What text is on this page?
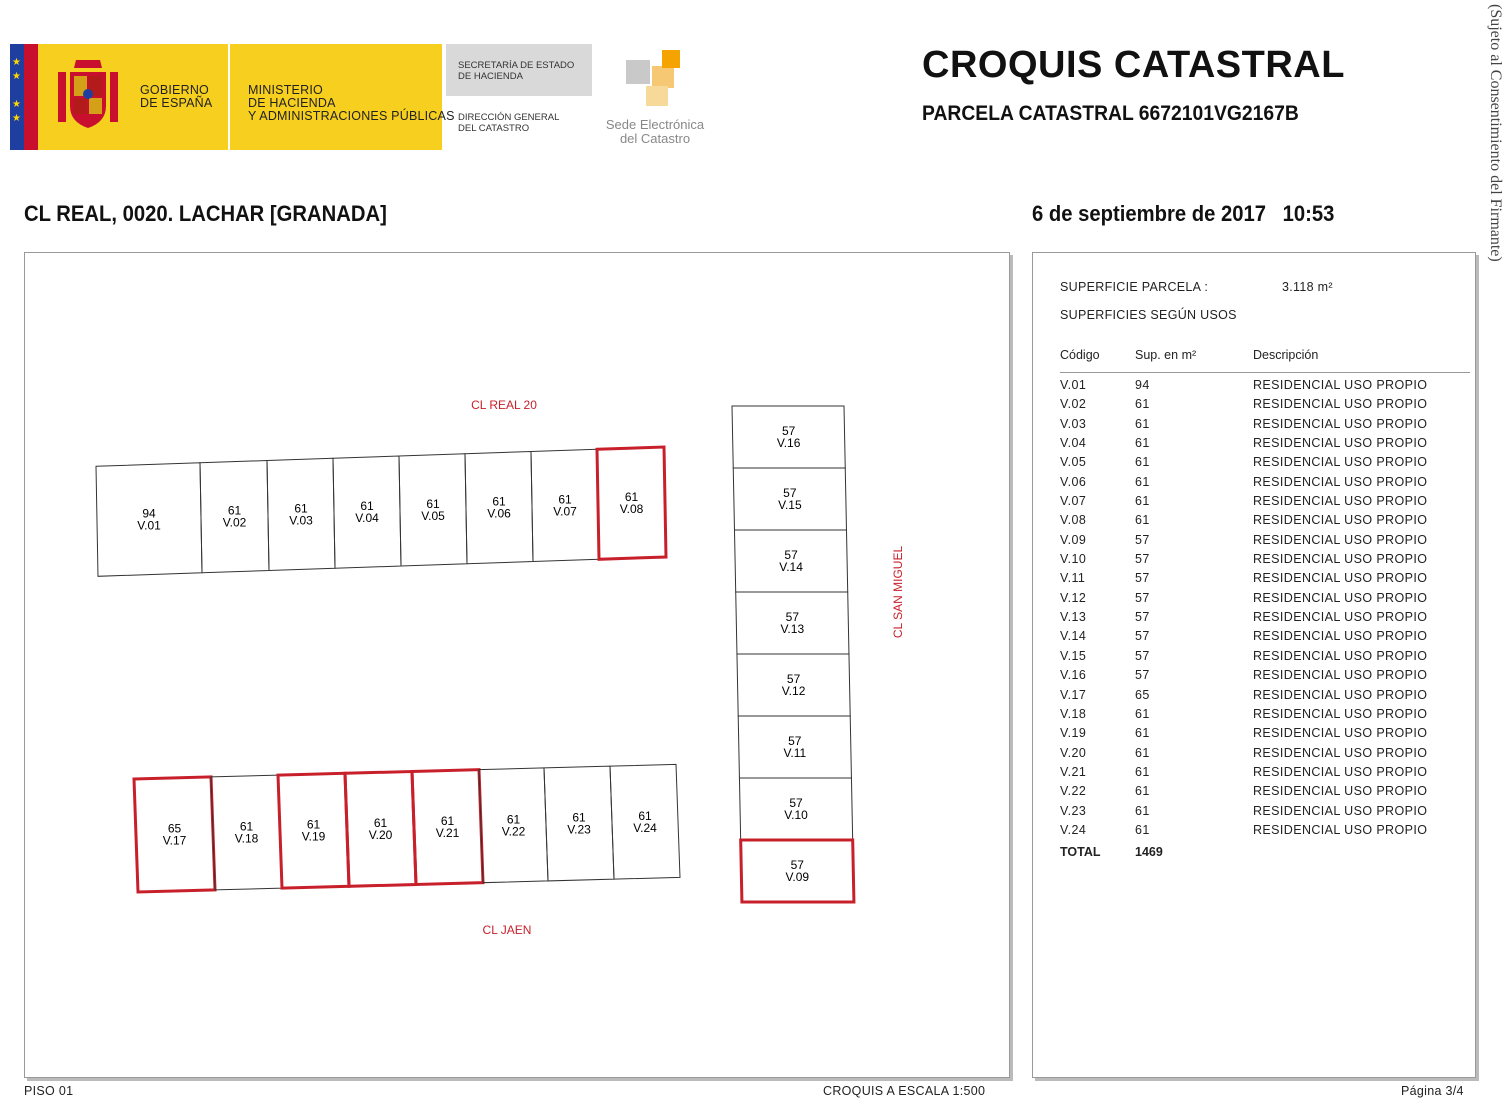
★
★

★
★
GOBIERNO
DE ESPAÑA
MINISTERIO
DE HACIENDA
Y ADMINISTRACIONES PÚBLICAS
SECRETARÍA DE ESTADO
DE HACIENDA
DIRECCIÓN GENERAL
DEL CATASTRO	Sede Electrónica
del Catastro
CROQUIS CATASTRAL
PARCELA CATASTRAL 6672101VG2167B	(Sujeto al Consentimiento del Firmante)
CL REAL, 0020. LACHAR [GRANADA]	6 de septiembre de 2017 10:53
CL REAL 20
CL JAEN
CL SAN MIGUEL
94
V.01
61
V.02
61
V.03
61
V.04
61
V.05
61
V.06
61
V.07
61
V.08
57
V.16
57
V.15
57
V.14
57
V.13
57
V.12
57
V.11
57
V.10
57
V.09
65
V.17
61
V.18
61
V.19
61
V.20
61
V.21
61
V.22
61
V.23
61
V.24
SUPERFICIE PARCELA :	3.118 m²
SUPERFICIES SEGÚN USOS
Código	Sup. en m²	Descripción
V.01	94	RESIDENCIAL USO PROPIO
V.02	61	RESIDENCIAL USO PROPIO
V.03	61	RESIDENCIAL USO PROPIO
V.04	61	RESIDENCIAL USO PROPIO
V.05	61	RESIDENCIAL USO PROPIO
V.06	61	RESIDENCIAL USO PROPIO
V.07	61	RESIDENCIAL USO PROPIO
V.08	61	RESIDENCIAL USO PROPIO
V.09	57	RESIDENCIAL USO PROPIO
V.10	57	RESIDENCIAL USO PROPIO
V.11	57	RESIDENCIAL USO PROPIO
V.12	57	RESIDENCIAL USO PROPIO
V.13	57	RESIDENCIAL USO PROPIO
V.14	57	RESIDENCIAL USO PROPIO
V.15	57	RESIDENCIAL USO PROPIO
V.16	57	RESIDENCIAL USO PROPIO
V.17	65	RESIDENCIAL USO PROPIO
V.18	61	RESIDENCIAL USO PROPIO
V.19	61	RESIDENCIAL USO PROPIO
V.20	61	RESIDENCIAL USO PROPIO
V.21	61	RESIDENCIAL USO PROPIO
V.22	61	RESIDENCIAL USO PROPIO
V.23	61	RESIDENCIAL USO PROPIO
V.24	61	RESIDENCIAL USO PROPIO
TOTAL	1469
PISO 01	CROQUIS A ESCALA 1:500	Página 3/4
